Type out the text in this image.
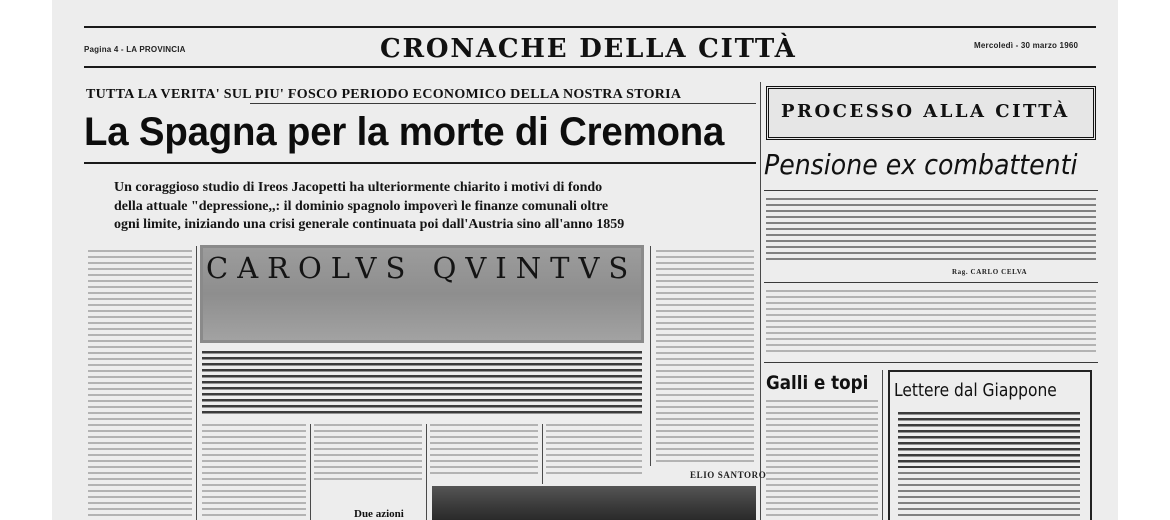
Pagina 4 - LA PROVINCIA	CRONACHE DELLA CITTÀ	Mercoledì - 30 marzo 1960
TUTTA LA VERITA' SUL PIU' FOSCO PERIODO ECONOMICO DELLA NOSTRA STORIA
La Spagna per la morte di Cremona
Un coraggioso studio di Ireos Jacopetti ha ulteriormente chiarito i motivi di fondo
della attuale "depressione,,: il dominio spagnolo impoverì le finanze comunali oltre
ogni limite, iniziando una crisi generale continuata poi dall'Austria sino all'anno 1859
CAROLVS QVINTVS
ELIO SANTORO
Due azioni
PROCESSO ALLA CITTÀ
Pensione ex combattenti
Rag. CARLO CELVA
Galli e topi Lettere dal Giappone
